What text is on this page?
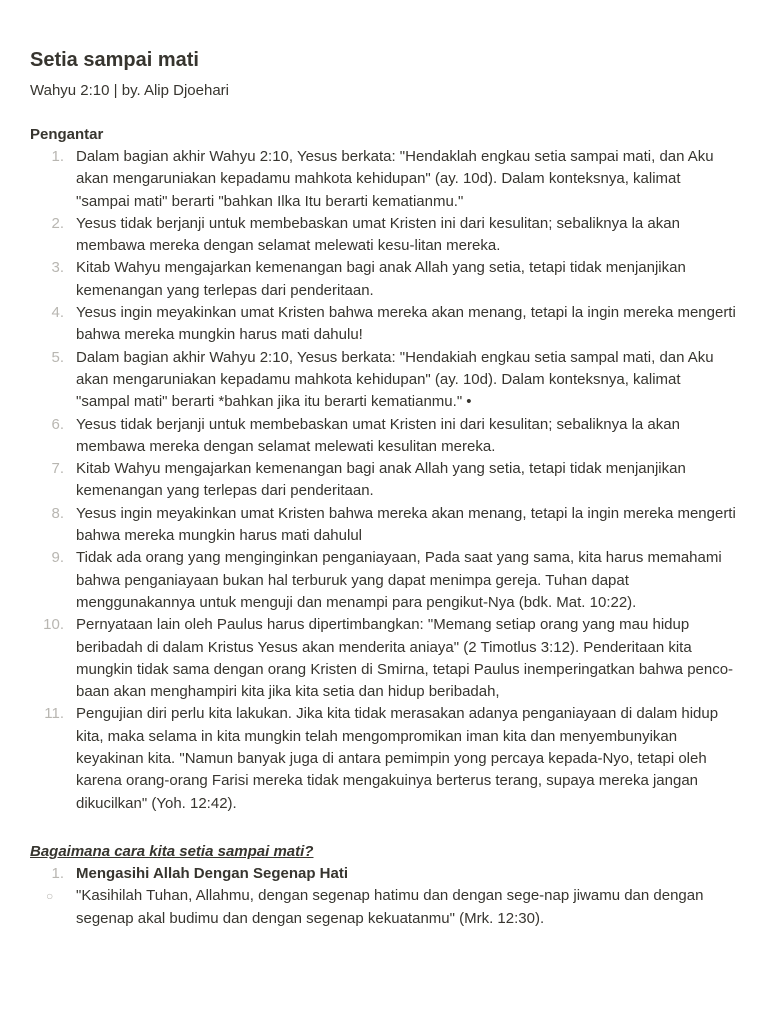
Setia sampai mati
Wahyu 2:10 | by. Alip Djoehari
Pengantar
1. Dalam bagian akhir Wahyu 2:10, Yesus berkata: "Hendaklah engkau setia sampai mati, dan Aku akan mengaruniakan kepadamu mahkota kehidupan" (ay. 10d). Dalam konteksnya, kalimat "sampai mati" berarti "bahkan Ilka Itu berarti kematianmu."
2. Yesus tidak berjanji untuk membebaskan umat Kristen ini dari kesulitan; sebaliknya la akan membawa mereka dengan selamat melewati kesu-litan mereka.
3. Kitab Wahyu mengajarkan kemenangan bagi anak Allah yang setia, tetapi tidak menjanjikan kemenangan yang terlepas dari penderitaan.
4. Yesus ingin meyakinkan umat Kristen bahwa mereka akan menang, tetapi la ingin mereka mengerti bahwa mereka mungkin harus mati dahulu!
5. Dalam bagian akhir Wahyu 2:10, Yesus berkata: "Hendakiah engkau setia sampal mati, dan Aku akan mengaruniakan kepadamu mahkota kehidupan" (ay. 10d). Dalam konteksnya, kalimat "sampal mati" berarti *bahkan jika itu berarti kematianmu." •
6. Yesus tidak berjanji untuk membebaskan umat Kristen ini dari kesulitan; sebaliknya la akan membawa mereka dengan selamat melewati kesulitan mereka.
7. Kitab Wahyu mengajarkan kemenangan bagi anak Allah yang setia, tetapi tidak menjanjikan kemenangan yang terlepas dari penderitaan.
8. Yesus ingin meyakinkan umat Kristen bahwa mereka akan menang, tetapi la ingin mereka mengerti bahwa mereka mungkin harus mati dahulul
9. Tidak ada orang yang menginginkan penganiayaan, Pada saat yang sama, kita harus memahami bahwa penganiayaan bukan hal terburuk yang dapat menimpa gereja. Tuhan dapat menggunakannya untuk menguji dan menampi para pengikut-Nya (bdk. Mat. 10:22).
10. Pernyataan lain oleh Paulus harus dipertimbangkan: "Memang setiap orang yang mau hidup beribadah di dalam Kristus Yesus akan menderita aniaya" (2 Timotlus 3:12). Penderitaan kita mungkin tidak sama dengan orang Kristen di Smirna, tetapi Paulus inemperingatkan bahwa penco-baan akan menghampiri kita jika kita setia dan hidup beribadah,
11. Pengujian diri perlu kita lakukan. Jika kita tidak merasakan adanya penganiayaan di dalam hidup kita, maka selama in kita mungkin telah mengompromikan iman kita dan menyembunyikan keyakinan kita. "Namun banyak juga di antara pemimpin yong percaya kepada-Nyo, tetapi oleh karena orang-orang Farisi mereka tidak mengakuinya berterus terang, supaya mereka jangan dikucilkan" (Yoh. 12:42).
Bagaimana cara kita setia sampai mati?
1. Mengasihi Allah Dengan Segenap Hati
○ "Kasihilah Tuhan, Allahmu, dengan segenap hatimu dan dengan sege-nap jiwamu dan dengan segenap akal budimu dan dengan segenap kekuatanmu" (Mrk. 12:30).
